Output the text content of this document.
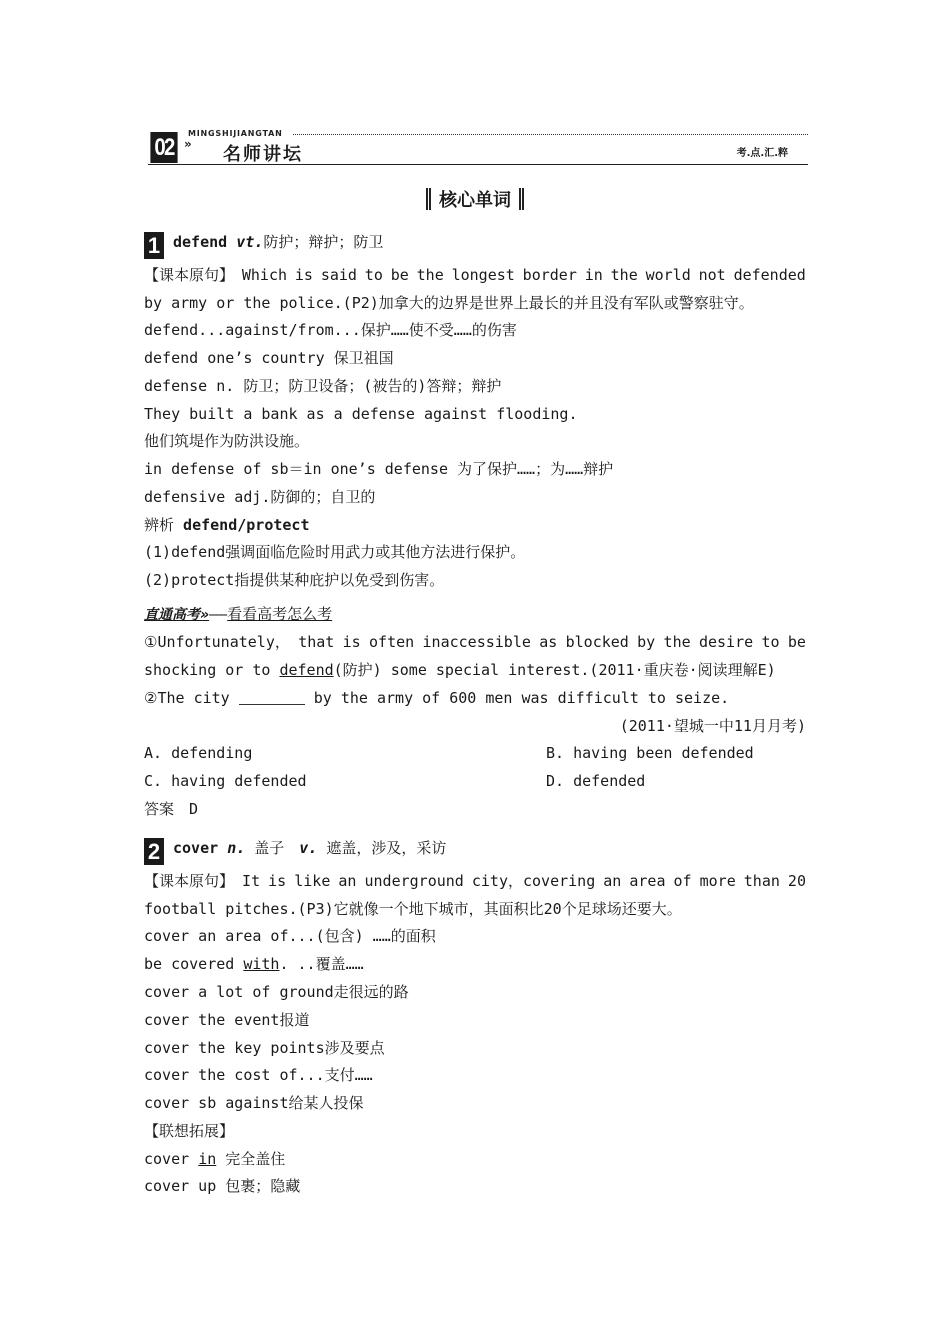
MINGSHIJIANGTAN
02 » 名师讲坛	考.点.汇.粹
核心单词
1 defend vt.防护；辩护；防卫
【课本原句】 Which is said to be the longest border in the world not defended
by army or the police.(P2)加拿大的边界是世界上最长的并且没有军队或警察驻守。
defend...against/from...保护……使不受……的伤害
defend one’s country 保卫祖国
defense n. 防卫；防卫设备；(被告的)答辩；辩护
They built a bank as a defense against flooding.
他们筑堤作为防洪设施。
in defense of sb＝in one’s defense 为了保护……；为……辩护
defensive adj.防御的；自卫的
辨析 defend/protect
(1)defend强调面临危险时用武力或其他方法进行保护。
(2)protect指提供某种庇护以免受到伤害。
直通高考»——看看高考怎么考
①Unfortunately， that is often inaccessible as blocked by the desire to be
shocking or to defend(防护) some special interest.(2011·重庆卷·阅读理解E)
②The city	by the army of 600 men was difficult to seize.
(2011·望城一中11月月考)
A. defending	B. having been defended
C. having defended	D. defended
答案　D
2 cover n. 盖子　v. 遮盖，涉及，采访
【课本原句】 It is like an underground city，covering an area of more than 20
football pitches.(P3)它就像一个地下城市，其面积比20个足球场还要大。
cover an area of...(包含) ……的面积
be covered with. ..覆盖……
cover a lot of ground走很远的路
cover the event报道
cover the key points涉及要点
cover the cost of...支付……
cover sb against给某人投保
【联想拓展】
cover in 完全盖住
cover up 包裹；隐藏
